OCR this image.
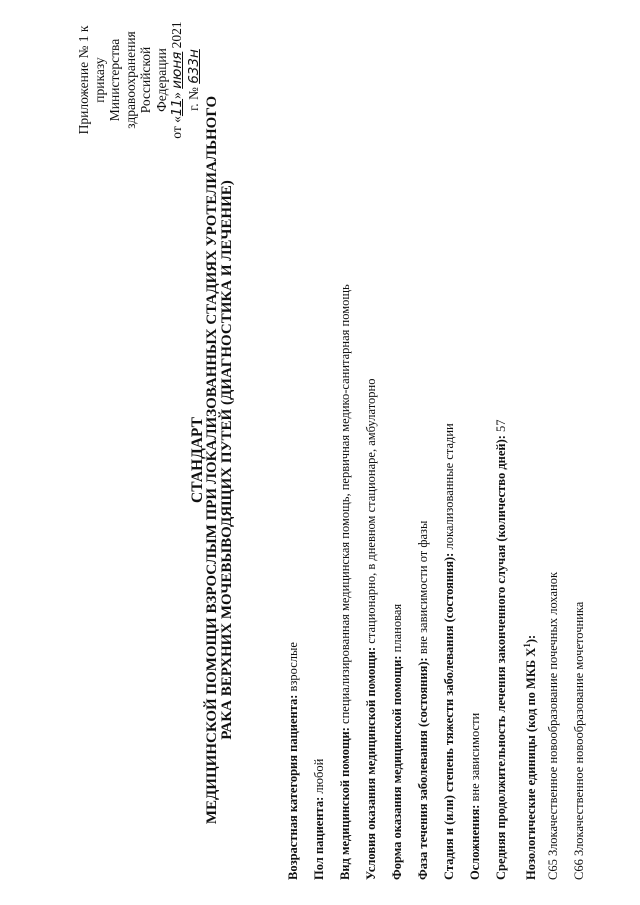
Приложение № 1 к приказу Министерства здравоохранения Российской Федерации
от «11» июня 2021 г. № 633н
СТАНДАРТ
МЕДИЦИНСКОЙ ПОМОЩИ ВЗРОСЛЫМ ПРИ ЛОКАЛИЗОВАННЫХ СТАДИЯХ УРОТЕЛИАЛЬНОГО РАКА ВЕРХНИХ МОЧЕВЫВОДЯЩИХ ПУТЕЙ (ДИАГНОСТИКА И ЛЕЧЕНИЕ)
Возрастная категория пациента: взрослые
Пол пациента: любой Вид медицинской помощи: специализированная медицинская помощь, первичная медико-санитарная помощь
Условия оказания медицинской помощи: стационарно, в дневном стационаре, амбулаторно
Форма оказания медицинской помощи: плановая
Фаза течения заболевания (состояния): вне зависимости от фазы Стадия и (или) степень тяжести заболевания (состояния): локализованные стадии
Осложнения: вне зависимости Средняя продолжительность лечения законченного случая (количество дней): 57
Нозологические единицы (код по МКБ $X^1$):
C65 Злокачественное новообразование почечных лоханок
C66 Злокачественное новообразование мочеточника
